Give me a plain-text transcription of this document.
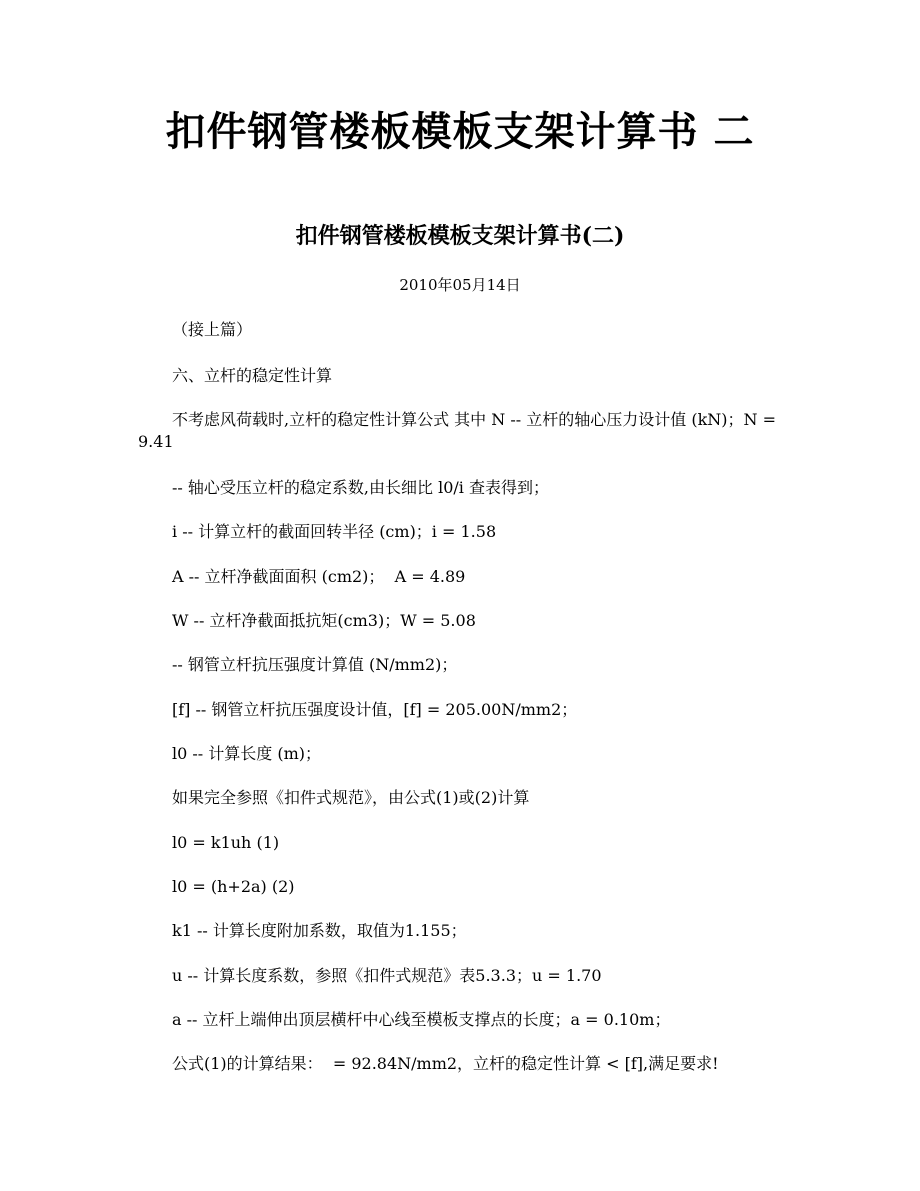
扣件钢管楼板模板支架计算书 二
扣件钢管楼板模板支架计算书(二)
2010年05月14日

（接上篇）

六、立杆的稳定性计算

不考虑风荷载时,立杆的稳定性计算公式 其中 N -- 立杆的轴心压力设计值 (kN)；N = 9.41

-- 轴心受压立杆的稳定系数,由长细比 l0/i 查表得到；

i -- 计算立杆的截面回转半径 (cm)；i = 1.58

A -- 立杆净截面面积 (cm2)；  A = 4.89

W -- 立杆净截面抵抗矩(cm3)；W = 5.08

-- 钢管立杆抗压强度计算值 (N/mm2)；

[f] -- 钢管立杆抗压强度设计值，[f] = 205.00N/mm2；

l0 -- 计算长度 (m)；

如果完全参照《扣件式规范》，由公式(1)或(2)计算

l0 = k1uh (1)

l0 = (h+2a) (2)

k1 -- 计算长度附加系数，取值为1.155；

u -- 计算长度系数，参照《扣件式规范》表5.3.3；u = 1.70

a -- 立杆上端伸出顶层横杆中心线至模板支撑点的长度；a = 0.10m；

公式(1)的计算结果：  = 92.84N/mm2，立杆的稳定性计算 < [f],满足要求!
